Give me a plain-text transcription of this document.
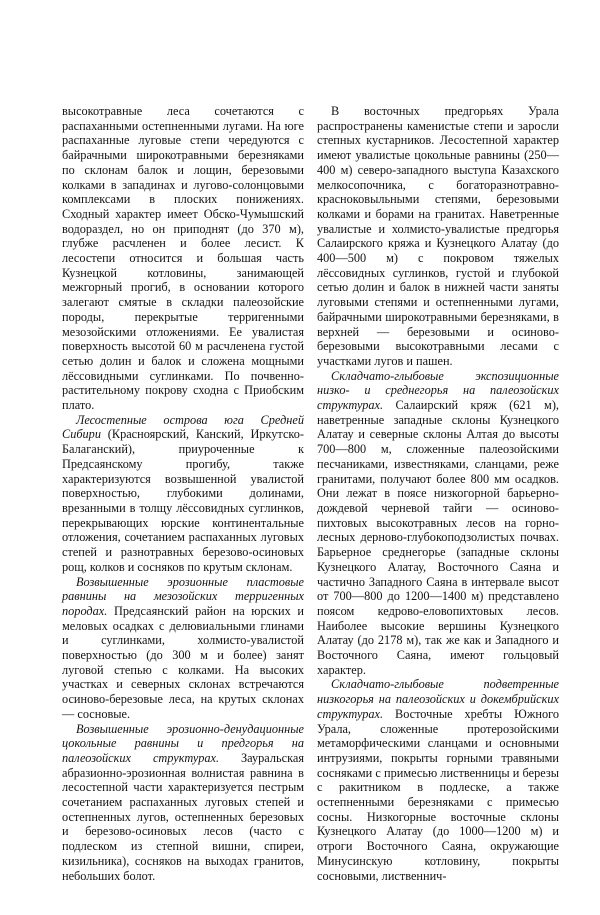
высокотравные леса сочетаются с распаханными остепненными лугами. На юге распаханные луговые степи чередуются с байрачными широкотравными березняками по склонам балок и лощин, березовыми колками в западинах и лугово-солонцовыми комплексами в плоских понижениях. Сходный характер имеет Обско-Чумышский водораздел, но он приподнят (до 370 м), глубже расчленен и более лесист. К лесостепи относится и большая часть Кузнецкой котловины, занимающей межгорный прогиб, в основании которого залегают смятые в складки палеозойские породы, перекрытые терригенными мезозойскими отложениями. Ее увалистая поверхность высотой 60 м расчленена густой сетью долин и балок и сложена мощными лёссовидными суглинками. По почвенно-растительному покрову сходна с Приобским плато.

Лесостепные острова юга Средней Сибири (Красноярский, Канский, Иркутско-Балаганский), приуроченные к Предсаянскому прогибу, также характеризуются возвышенной увалистой поверхностью, глубокими долинами, врезанными в толщу лёссовидных суглинков, перекрывающих юрские континентальные отложения, сочетанием распаханных луговых степей и разнотравных березово-осиновых рощ, колков и сосняков по крутым склонам.

Возвышенные эрозионные пластовые равнины на мезозойских терригенных породах. Предсаянский район на юрских и меловых осадках с делювиальными глинами и суглинками, холмисто-увалистой поверхностью (до 300 м и более) занят луговой степью с колками. На высоких участках и северных склонах встречаются осиново-березовые леса, на крутых склонах — сосновые.

Возвышенные эрозионно-денудационные цокольные равнины и предгорья на палеозойских структурах. Зауральская абразионно-эрозионная волнистая равнина в лесостепной части характеризуется пестрым сочетанием распаханных луговых степей и остепненных лугов, остепненных березовых и березово-осиновых лесов (часто с подлеском из степной вишни, спиреи, кизильника), сосняков на выходах гранитов, небольших болот.

В восточных предгорьях Урала распространены каменистые степи и заросли степных кустарников. Лесостепной характер имеют увалистые цокольные равнины (250—400 м) северо-западного выступа Казахского мелкосопочника, с богаторазнотравно-красноковыльными степями, березовыми колками и борами на гранитах. Наветренные увалистые и холмисто-увалистые предгорья Салаирского кряжа и Кузнецкого Алатау (до 400—500 м) с покровом тяжелых лёссовидных суглинков, густой и глубокой сетью долин и балок в нижней части заняты луговыми степями и остепненными лугами, байрачными широкотравными березняками, в верхней — березовыми и осиново-березовыми высокотравными лесами с участками лугов и пашен.

Складчато-глыбовые экспозиционные низко- и среднегорья на палеозойских структурах. Салаирский кряж (621 м), наветренные западные склоны Кузнецкого Алатау и северные склоны Алтая до высоты 700—800 м, сложенные палеозойскими песчаниками, известняками, сланцами, реже гранитами, получают более 800 мм осадков. Они лежат в поясе низкогорной барьерно-дождевой черневой тайги — осиново-пихтовых высокотравных лесов на горно-лесных дерново-глубокоподзолистых почвах. Барьерное среднегорье (западные склоны Кузнецкого Алатау, Восточного Саяна и частично Западного Саяна в интервале высот от 700—800 до 1200—1400 м) представлено поясом кедрово-еловопихтовых лесов. Наиболее высокие вершины Кузнецкого Алатау (до 2178 м), так же как и Западного и Восточного Саяна, имеют гольцовый характер.

Складчато-глыбовые подветренные низкогорья на палеозойских и докембрийских структурах. Восточные хребты Южного Урала, сложенные протерозойскими метаморфическими сланцами и основными интрузиями, покрыты горными травяными сосняками с примесью лиственницы и березы с ракитником в подлеске, а также остепненными березняками с примесью сосны. Низкогорные восточные склоны Кузнецкого Алатау (до 1000—1200 м) и отроги Восточного Саяна, окружающие Минусинскую котловину, покрыты сосновыми, лиственнич-
